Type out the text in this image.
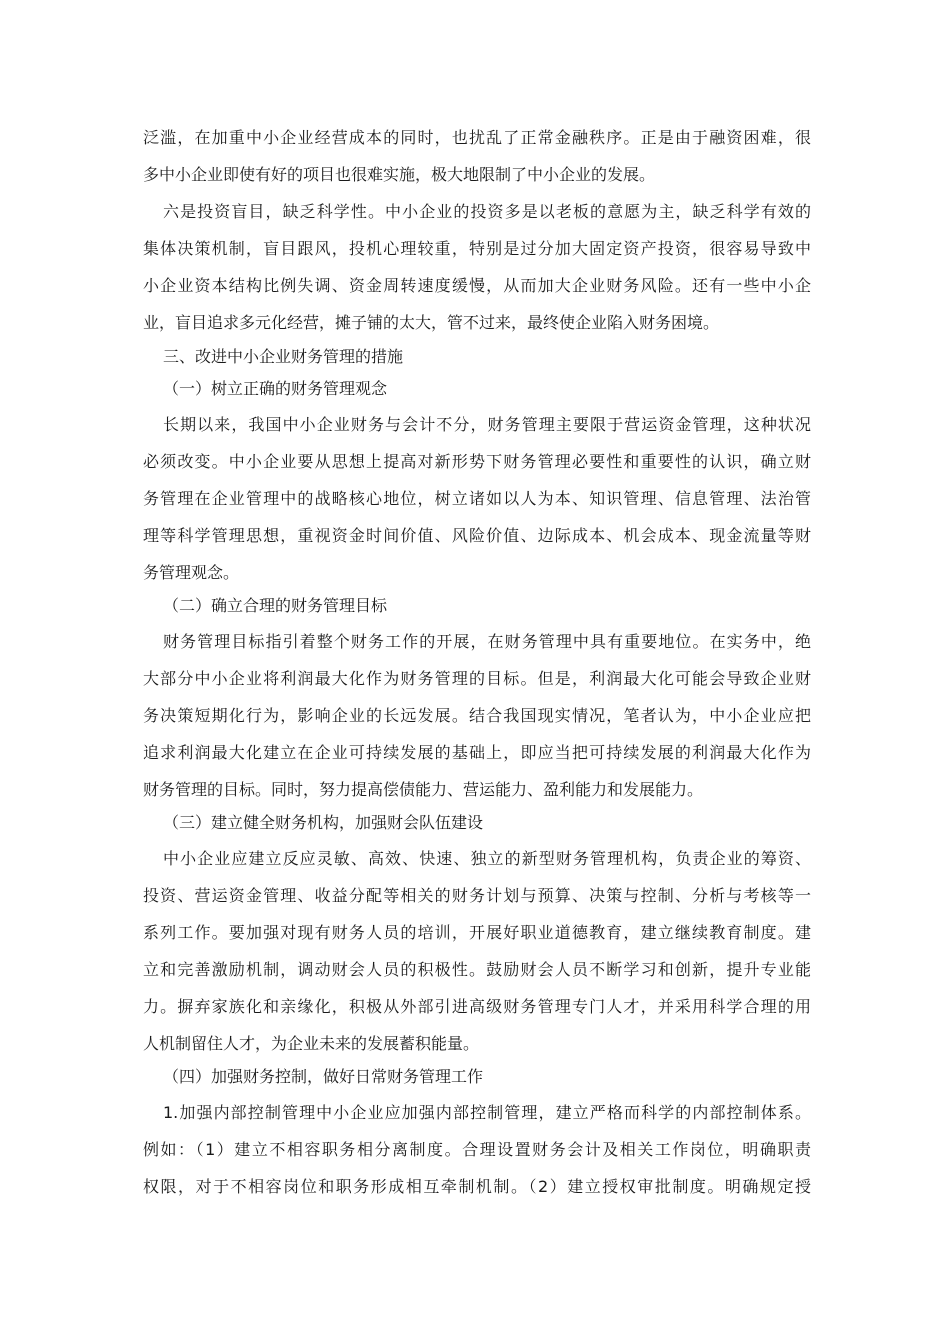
泛滥，在加重中小企业经营成本的同时，也扰乱了正常金融秩序。正是由于融资困难，很
多中小企业即使有好的项目也很难实施，极大地限制了中小企业的发展。
六是投资盲目，缺乏科学性。中小企业的投资多是以老板的意愿为主，缺乏科学有效的
集体决策机制，盲目跟风，投机心理较重，特别是过分加大固定资产投资，很容易导致中
小企业资本结构比例失调、资金周转速度缓慢，从而加大企业财务风险。还有一些中小企
业，盲目追求多元化经营，摊子铺的太大，管不过来，最终使企业陷入财务困境。
三、改进中小企业财务管理的措施
（一）树立正确的财务管理观念
长期以来，我国中小企业财务与会计不分，财务管理主要限于营运资金管理，这种状况
必须改变。中小企业要从思想上提高对新形势下财务管理必要性和重要性的认识，确立财
务管理在企业管理中的战略核心地位，树立诸如以人为本、知识管理、信息管理、法治管
理等科学管理思想，重视资金时间价值、风险价值、边际成本、机会成本、现金流量等财
务管理观念。
（二）确立合理的财务管理目标
财务管理目标指引着整个财务工作的开展，在财务管理中具有重要地位。在实务中，绝
大部分中小企业将利润最大化作为财务管理的目标。但是，利润最大化可能会导致企业财
务决策短期化行为，影响企业的长远发展。结合我国现实情况，笔者认为，中小企业应把
追求利润最大化建立在企业可持续发展的基础上，即应当把可持续发展的利润最大化作为
财务管理的目标。同时，努力提高偿债能力、营运能力、盈利能力和发展能力。
（三）建立健全财务机构，加强财会队伍建设
中小企业应建立反应灵敏、高效、快速、独立的新型财务管理机构，负责企业的筹资、
投资、营运资金管理、收益分配等相关的财务计划与预算、决策与控制、分析与考核等一
系列工作。要加强对现有财务人员的培训，开展好职业道德教育，建立继续教育制度。建
立和完善激励机制，调动财会人员的积极性。鼓励财会人员不断学习和创新，提升专业能
力。摒弃家族化和亲缘化，积极从外部引进高级财务管理专门人才，并采用科学合理的用
人机制留住人才，为企业未来的发展蓄积能量。
（四）加强财务控制，做好日常财务管理工作
1.加强内部控制管理中小企业应加强内部控制管理，建立严格而科学的内部控制体系。
例如：（1）建立不相容职务相分离制度。合理设置财务会计及相关工作岗位，明确职责
权限，对于不相容岗位和职务形成相互牵制机制。（2）建立授权审批制度。明确规定授
